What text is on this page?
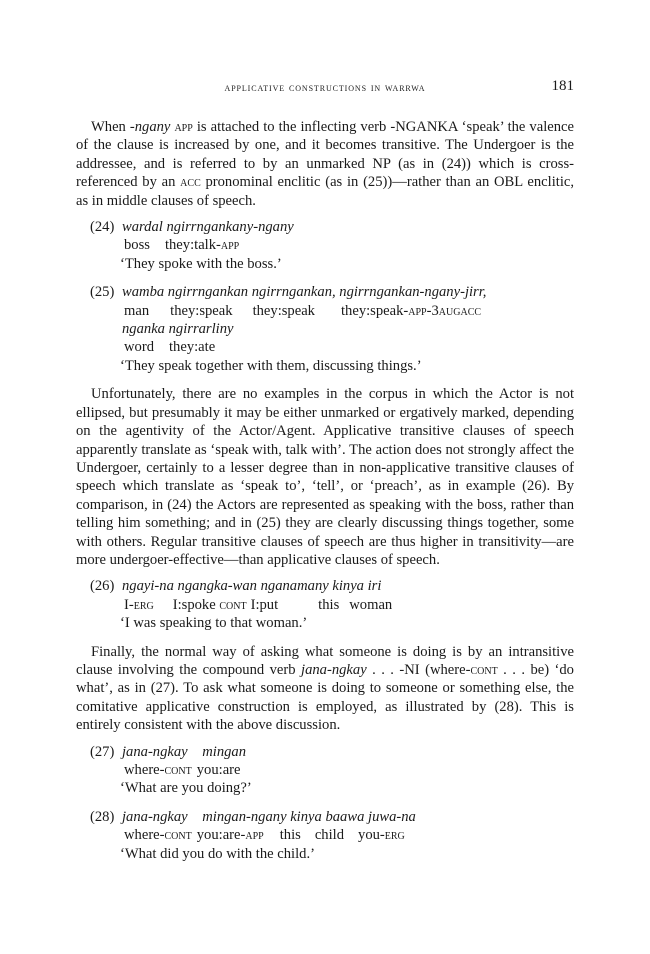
applicative constructions in warrwa	181

When -ngany app is attached to the inflecting verb -NGANKA ‘speak’ the valence of the clause is increased by one, and it becomes transitive. The Undergoer is the addressee, and is referred to by an unmarked NP (as in (24)) which is cross-referenced by an acc pronominal enclitic (as in (25))—rather than an OBL enclitic, as in middle clauses of speech.

(24) wardal ngirrngankany-ngany
boss they:talk-app
‘They spoke with the boss.’
(25) wamba ngirrngankan ngirrngankan, ngirrngankan-ngany-jirr,
man they:speak they:speak they:speak-app-3augacc
nganka ngirrarliny
word they:ate
‘They speak together with them, discussing things.’

Unfortunately, there are no examples in the corpus in which the Actor is not ellipsed, but presumably it may be either unmarked or ergatively marked, depending on the agentivity of the Actor/Agent. Applicative transitive clauses of speech apparently translate as ‘speak with, talk with’. The action does not strongly affect the Undergoer, certainly to a lesser degree than in non-applicative transitive clauses of speech which translate as ‘speak to’, ‘tell’, or ‘preach’, as in example (26). By comparison, in (24) the Actors are represented as speaking with the boss, rather than telling him something; and in (25) they are clearly discussing things together, some with others. Regular transitive clauses of speech are thus higher in transitivity—are more undergoer-effective—than applicative clauses of speech.

(26) ngayi-na ngangka-wan nganamany kinya iri
I-erg I:spoke cont I:put	this woman
‘I was speaking to that woman.’

Finally, the normal way of asking what someone is doing is by an intransitive clause involving the compound verb jana-ngkay . . . -NI (where-cont . . . be) ‘do what’, as in (27). To ask what someone is doing to someone or something else, the comitative applicative construction is employed, as illustrated by (28). This is entirely consistent with the above discussion.

(27) jana-ngkay    mingan
where-cont you:are
‘What are you doing?’
(28) jana-ngkay    mingan-ngany kinya baawa juwa-na
where-cont you:are-app this child you-erg
‘What did you do with the child.’
